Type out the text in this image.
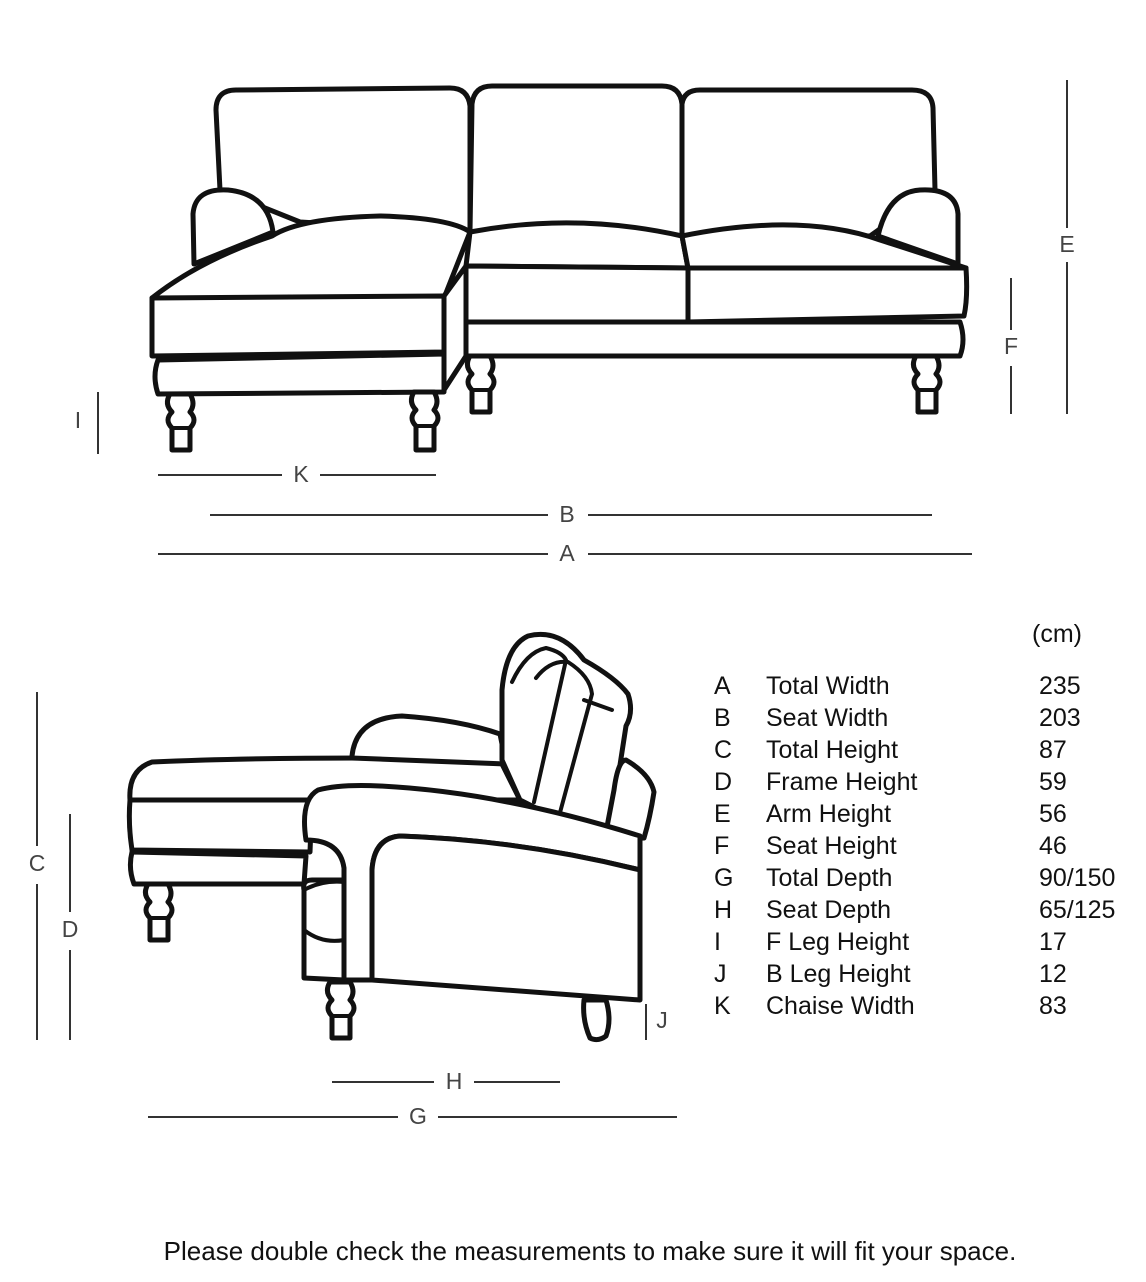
E
F
I
K
B
A
C
D
J
H
G
(cm)
A Total Width	235
B Seat Width	203
C Total Height	87
D Frame Height	59
E Arm Height	56
F Seat Height	46
G Total Depth	90/150
H Seat Depth	65/125
I F Leg Height	17
J B Leg Height	12
K Chaise Width	83
Please double check the measurements to make sure it will fit your space.
